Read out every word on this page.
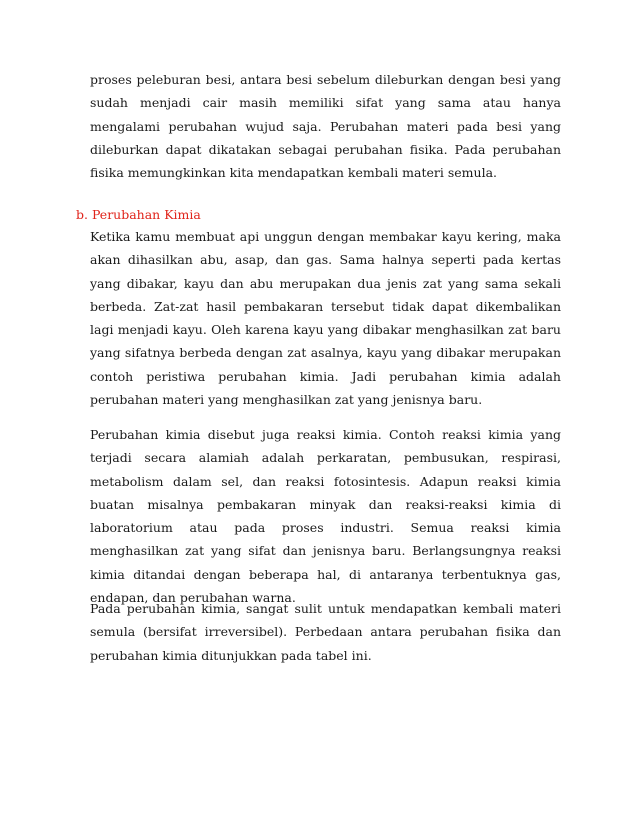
proses peleburan besi, antara besi sebelum dileburkan dengan besi yang sudah menjadi cair masih memiliki sifat yang sama atau hanya mengalami perubahan wujud saja. Perubahan materi pada besi yang dileburkan dapat dikatakan sebagai perubahan fisika. Pada perubahan fisika memungkinkan kita mendapatkan kembali materi semula.

b. Perubahan Kimia

Ketika kamu membuat api unggun dengan membakar kayu kering, maka akan dihasilkan abu, asap, dan gas. Sama halnya seperti pada kertas yang dibakar, kayu dan abu merupakan dua jenis zat yang sama sekali berbeda. Zat-zat hasil pembakaran tersebut tidak dapat dikembalikan lagi menjadi kayu. Oleh karena kayu yang dibakar menghasilkan zat baru yang sifatnya berbeda dengan zat asalnya, kayu yang dibakar merupakan contoh peristiwa perubahan kimia. Jadi perubahan kimia adalah perubahan materi yang menghasilkan zat yang jenisnya baru.

Perubahan kimia disebut juga reaksi kimia. Contoh reaksi kimia yang terjadi secara alamiah adalah perkaratan, pembusukan, respirasi, metabolism dalam sel, dan reaksi fotosintesis. Adapun reaksi kimia buatan misalnya pembakaran minyak dan reaksi-reaksi kimia di laboratorium atau pada proses industri. Semua reaksi kimia menghasilkan zat yang sifat dan jenisnya baru. Berlangsungnya reaksi kimia ditandai dengan beberapa hal, di antaranya terbentuknya gas, endapan, dan perubahan warna.

Pada perubahan kimia, sangat sulit untuk mendapatkan kembali materi semula (bersifat irreversibel). Perbedaan antara perubahan fisika dan perubahan kimia ditunjukkan pada tabel ini.
